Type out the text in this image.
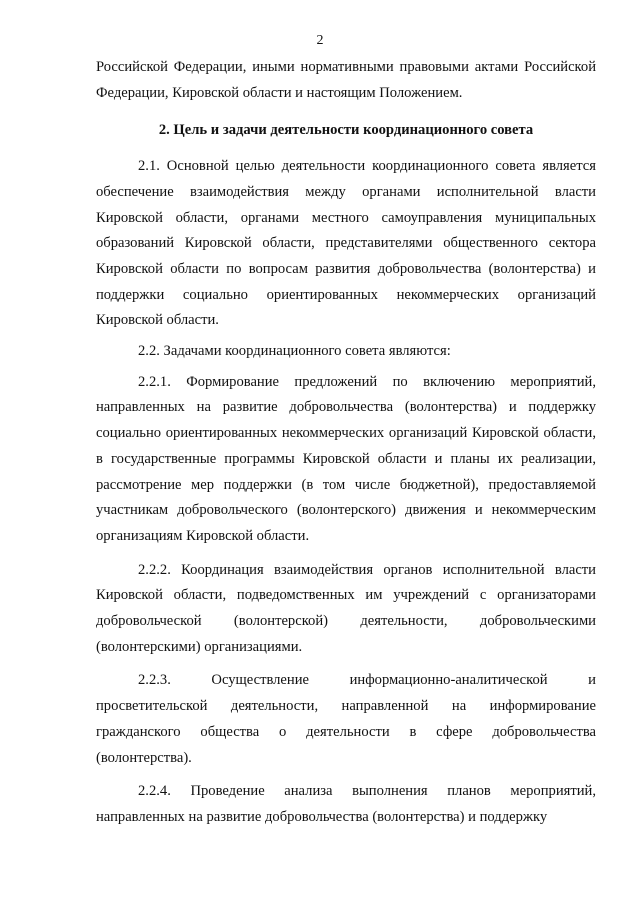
2

Российской Федерации, иными нормативными правовыми актами Российской Федерации, Кировской области и настоящим Положением.

2. Цель и задачи деятельности координационного совета

2.1. Основной целью деятельности координационного совета является обеспечение взаимодействия между органами исполнительной власти Кировской области, органами местного самоуправления муниципальных образований Кировской области, представителями общественного сектора Кировской области по вопросам развития добровольчества (волонтерства) и поддержки социально ориентированных некоммерческих организаций Кировской области.

2.2. Задачами координационного совета являются:

2.2.1. Формирование предложений по включению мероприятий, направленных на развитие добровольчества (волонтерства) и поддержку социально ориентированных некоммерческих организаций Кировской области, в государственные программы Кировской области и планы их реализации, рассмотрение мер поддержки (в том числе бюджетной), предоставляемой участникам добровольческого (волонтерского) движения и некоммерческим организациям Кировской области.

2.2.2. Координация взаимодействия органов исполнительной власти Кировской области, подведомственных им учреждений с организаторами добровольческой (волонтерской) деятельности, добровольческими (волонтерскими) организациями.

2.2.3. Осуществление информационно-аналитической и просветительской деятельности, направленной на информирование гражданского общества о деятельности в сфере добровольчества (волонтерства).

2.2.4. Проведение анализа выполнения планов мероприятий, направленных на развитие добровольчества (волонтерства) и поддержку
